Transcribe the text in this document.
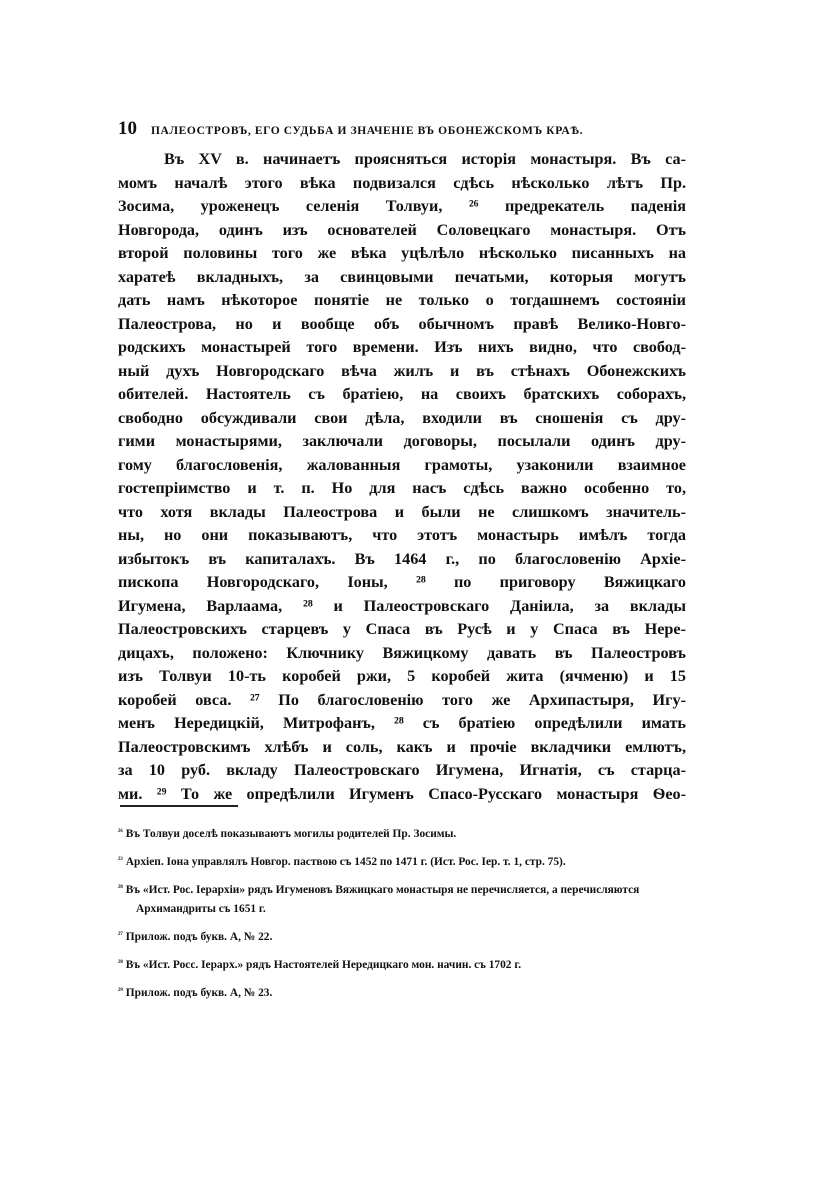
10 ПАЛЕОСТРОВЪ, ЕГО СУДЬБА И ЗНАЧЕНІЕ ВЪ ОБОНЕЖСКОМЪ КРАѢ.
Въ XV в. начинаетъ проясняться исторія монастыря. Въ са-
момъ началѣ этого вѣка подвизался сдѣсь нѣсколько лѣтъ Пр.
Зосима, уроженецъ селенія Толвуи, ²⁶ предрекатель паденія
Новгорода, одинъ изъ основателей Соловецкаго монастыря. Отъ
второй половины того же вѣка уцѣлѣло нѣсколько писанныхъ на
харатеѣ вкладныхъ, за свинцовыми печатьми, которыя могутъ
дать намъ нѣкоторое понятіе не только о тогдашнемъ состояніи
Палеострова, но и вообще объ обычномъ правѣ Велико-Новго-
родскихъ монастырей того времени. Изъ нихъ видно, что свобод-
ный духъ Новгородскаго вѣча жилъ и въ стѣнахъ Обонежскихъ
обителей. Настоятель съ братіею, на своихъ братскихъ соборахъ,
свободно обсуждивали свои дѣла, входили въ сношенія съ дру-
гими монастырями, заключали договоры, посылали одинъ дру-
гому благословенія, жалованныя грамоты, узаконили взаимное
гостепріимство и т. п. Но для насъ сдѣсь важно особенно то,
что хотя вклады Палеострова и были не слишкомъ значитель-
ны, но они показываютъ, что этотъ монастырь имѣлъ тогда
избытокъ въ капиталахъ. Въ 1464 г., по благословенію Архіе-
пископа Новгородскаго, Іоны, ²⁸ по приговору Вяжицкаго
Игумена, Варлаама, ²⁸ и Палеостровскаго Даніила, за вклады
Палеостровскихъ старцевъ у Спаса въ Русѣ и у Спаса въ Нере-
дицахъ, положено: Ключнику Вяжицкому давать въ Палеостровъ
изъ Толвуи 10-ть коробей ржи, 5 коробей жита (ячменю) и 15
коробей овса. ²⁷ По благословенію того же Архипастыря, Игу-
менъ Нередицкій, Митрофанъ, ²⁸ съ братіею опредѣлили имать
Палеостровскимъ хлѣбъ и соль, какъ и прочіе вкладчики емлютъ,
за 10 руб. вкладу Палеостровскаго Игумена, Игнатія, съ старца-
ми. ²⁹ То же опредѣлили Игуменъ Спасо-Русскаго монастыря Ѳео-
$^{^{26}}$ Въ Толвуи доселѣ показываютъ могилы родителей Пр. Зосимы.
$^{^{23}}$ Архіеп. Іона управлялъ Новгор. паствою съ 1452 по 1471 г. (Ист. Рос. Іер. т. 1, стр. 75).
$^{^{28}}$ Въ «Ист. Рос. Іерархіи» рядъ Игуменовъ Вяжицкаго монастыря не перечисляется, а перечисляются Архимандриты съ 1651 г.
$^{^{27}}$ Прилож. подъ букв. А, № 22.
$^{^{28}}$ Въ «Ист. Росс. Іерарх.» рядъ Настоятелей Нередицкаго мон. начин. съ 1702 г.
$^{^{29}}$ Прилож. подъ букв. А, № 23.
